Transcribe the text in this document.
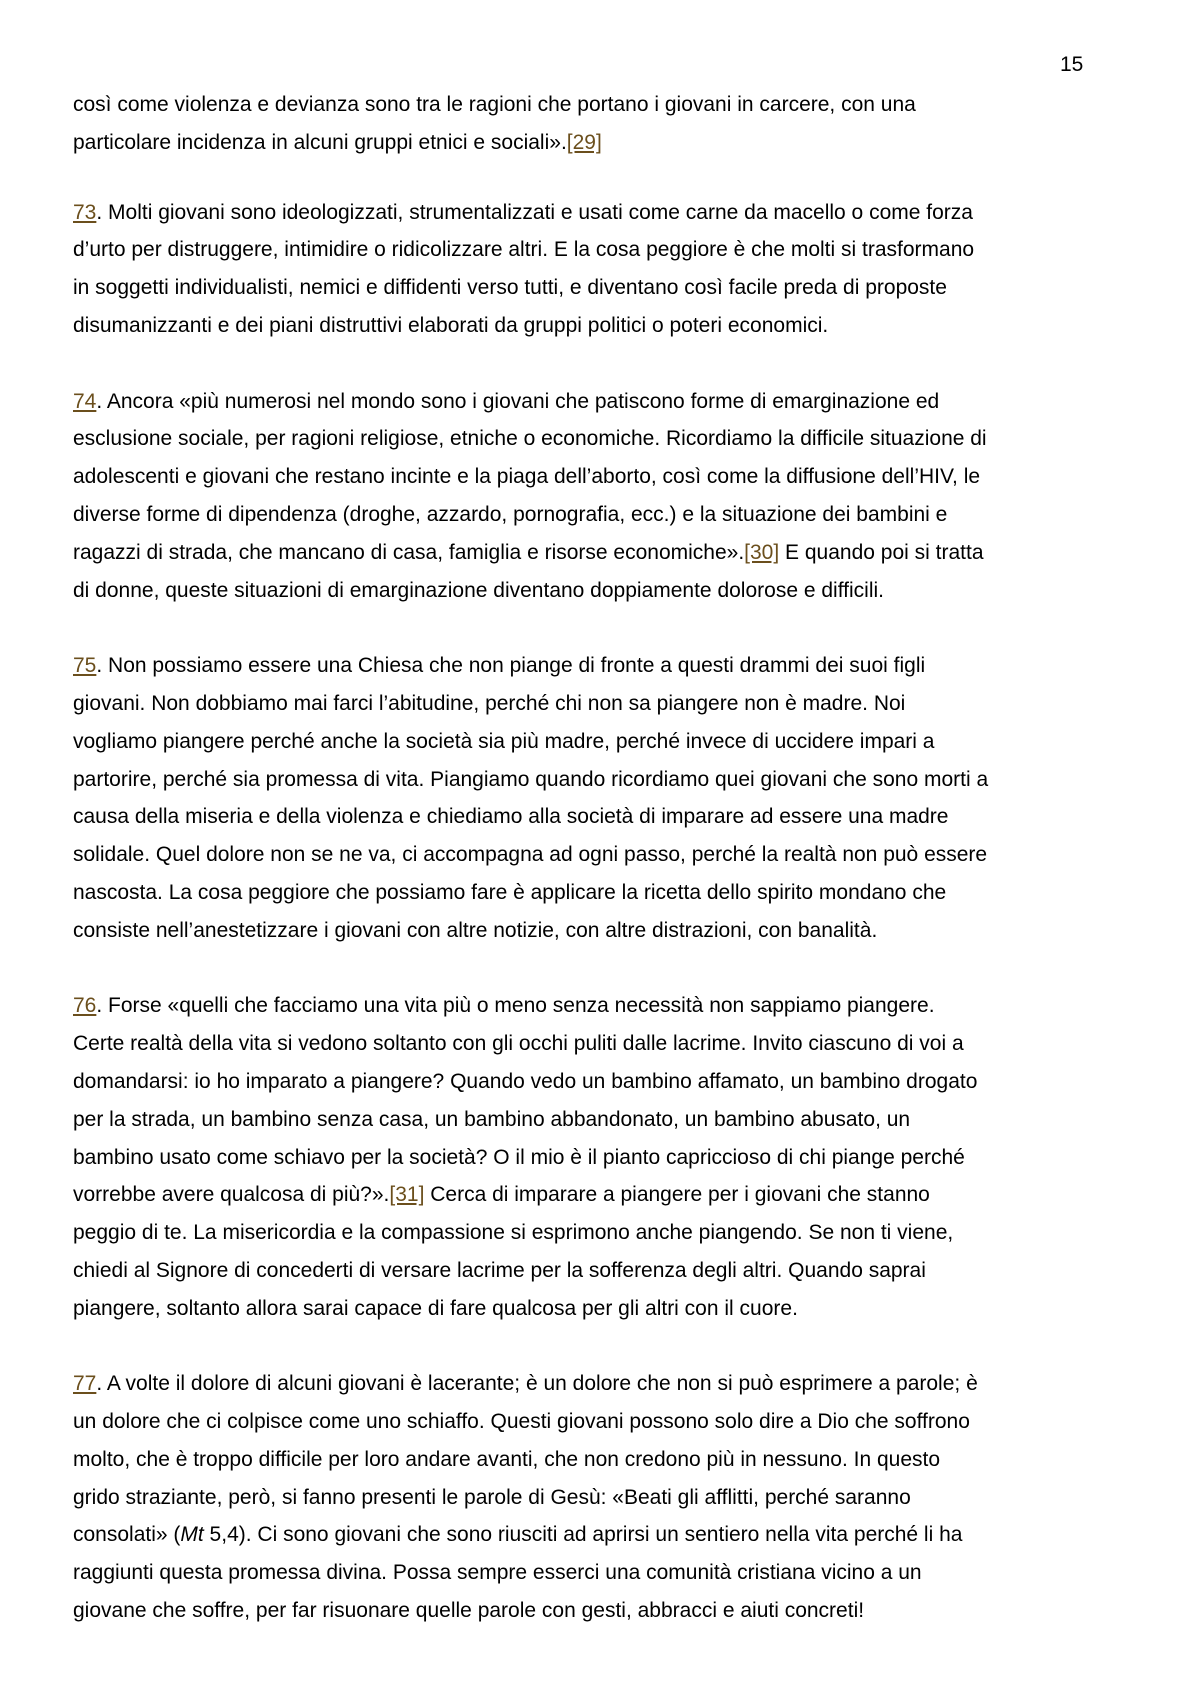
15

così come violenza e devianza sono tra le ragioni che portano i giovani in carcere, con una
particolare incidenza in alcuni gruppi etnici e sociali».[29]

73. Molti giovani sono ideologizzati, strumentalizzati e usati come carne da macello o come forza
d’urto per distruggere, intimidire o ridicolizzare altri. E la cosa peggiore è che molti si trasformano
in soggetti individualisti, nemici e diffidenti verso tutti, e diventano così facile preda di proposte
disumanizzanti e dei piani distruttivi elaborati da gruppi politici o poteri economici.

74. Ancora «più numerosi nel mondo sono i giovani che patiscono forme di emarginazione ed
esclusione sociale, per ragioni religiose, etniche o economiche. Ricordiamo la difficile situazione di
adolescenti e giovani che restano incinte e la piaga dell’aborto, così come la diffusione dell’HIV, le
diverse forme di dipendenza (droghe, azzardo, pornografia, ecc.) e la situazione dei bambini e
ragazzi di strada, che mancano di casa, famiglia e risorse economiche».[30] E quando poi si tratta
di donne, queste situazioni di emarginazione diventano doppiamente dolorose e difficili.

75. Non possiamo essere una Chiesa che non piange di fronte a questi drammi dei suoi figli
giovani. Non dobbiamo mai farci l’abitudine, perché chi non sa piangere non è madre. Noi
vogliamo piangere perché anche la società sia più madre, perché invece di uccidere impari a
partorire, perché sia promessa di vita. Piangiamo quando ricordiamo quei giovani che sono morti a
causa della miseria e della violenza e chiediamo alla società di imparare ad essere una madre
solidale. Quel dolore non se ne va, ci accompagna ad ogni passo, perché la realtà non può essere
nascosta. La cosa peggiore che possiamo fare è applicare la ricetta dello spirito mondano che
consiste nell’anestetizzare i giovani con altre notizie, con altre distrazioni, con banalità.

76. Forse «quelli che facciamo una vita più o meno senza necessità non sappiamo piangere.
Certe realtà della vita si vedono soltanto con gli occhi puliti dalle lacrime. Invito ciascuno di voi a
domandarsi: io ho imparato a piangere? Quando vedo un bambino affamato, un bambino drogato
per la strada, un bambino senza casa, un bambino abbandonato, un bambino abusato, un
bambino usato come schiavo per la società? O il mio è il pianto capriccioso di chi piange perché
vorrebbe avere qualcosa di più?».[31] Cerca di imparare a piangere per i giovani che stanno
peggio di te. La misericordia e la compassione si esprimono anche piangendo. Se non ti viene,
chiedi al Signore di concederti di versare lacrime per la sofferenza degli altri. Quando saprai
piangere, soltanto allora sarai capace di fare qualcosa per gli altri con il cuore.

77. A volte il dolore di alcuni giovani è lacerante; è un dolore che non si può esprimere a parole; è
un dolore che ci colpisce come uno schiaffo. Questi giovani possono solo dire a Dio che soffrono
molto, che è troppo difficile per loro andare avanti, che non credono più in nessuno. In questo
grido straziante, però, si fanno presenti le parole di Gesù: «Beati gli afflitti, perché saranno
consolati» (Mt 5,4). Ci sono giovani che sono riusciti ad aprirsi un sentiero nella vita perché li ha
raggiunti questa promessa divina. Possa sempre esserci una comunità cristiana vicino a un
giovane che soffre, per far risuonare quelle parole con gesti, abbracci e aiuti concreti!
